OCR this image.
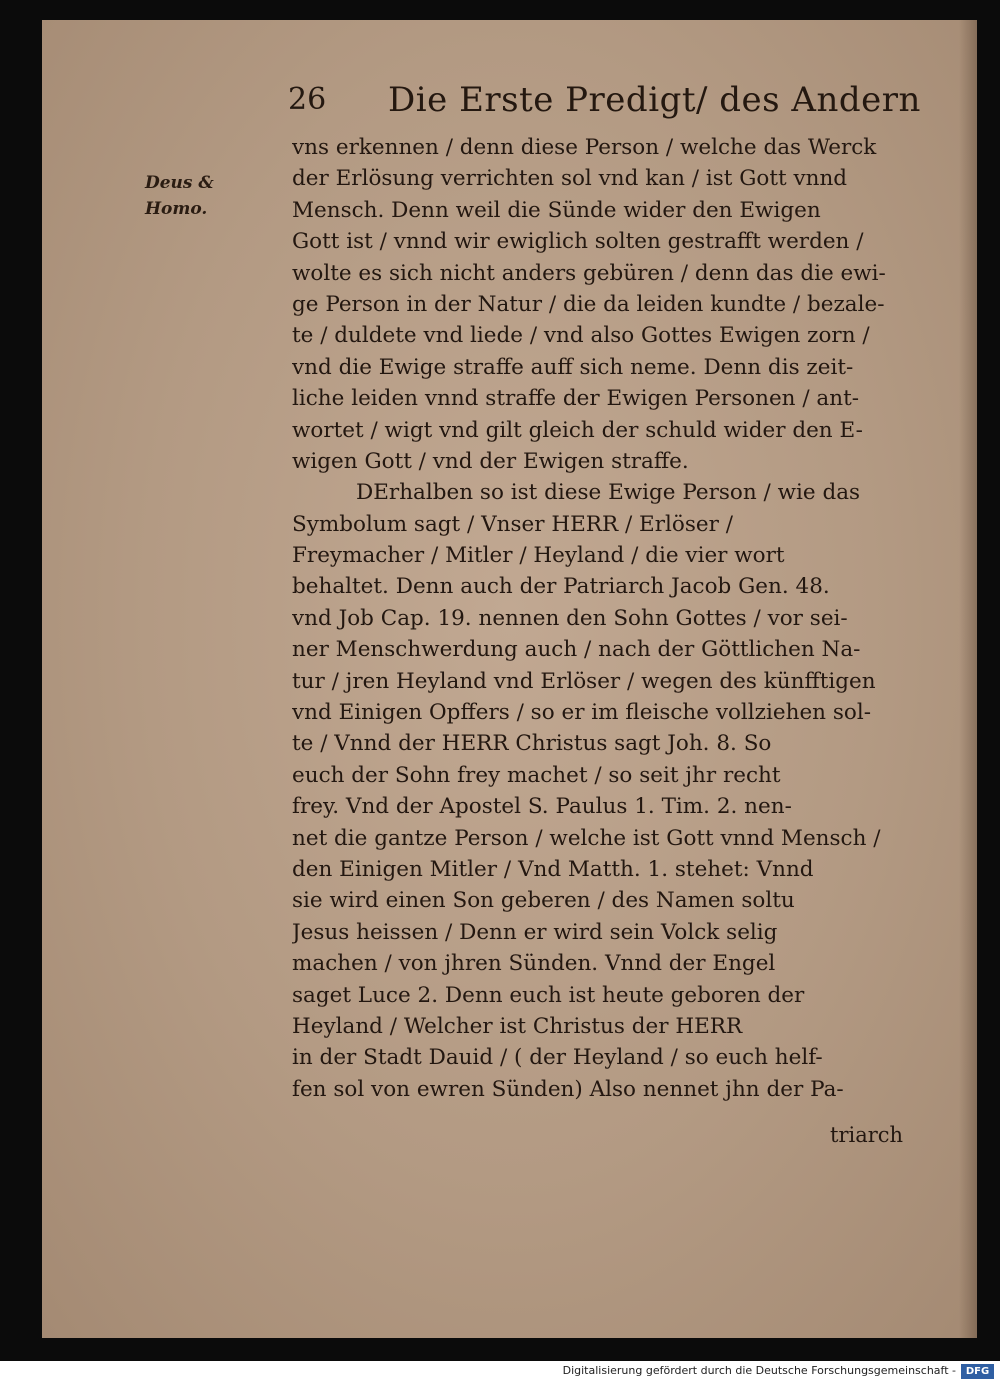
26 Die Erste Predigt/ des Andern
Deus &
Homo.
vns erkennen / denn diese Person / welche das Werck
der Erlösung verrichten sol vnd kan / ist Gott vnnd
Mensch. Denn weil die Sünde wider den Ewigen
Gott ist / vnnd wir ewiglich solten gestrafft werden /
wolte es sich nicht anders gebüren / denn das die ewi-
ge Person in der Natur / die da leiden kundte / bezale-
te / duldete vnd liede / vnd also Gottes Ewigen zorn /
vnd die Ewige straffe auff sich neme. Denn dis zeit-
liche leiden vnnd straffe der Ewigen Personen / ant-
wortet / wigt vnd gilt gleich der schuld wider den E-
wigen Gott / vnd der Ewigen straffe.
DErhalben so ist diese Ewige Person / wie das
Symbolum sagt / Vnser HERR / Erlöser /
Freymacher / Mitler / Heyland / die vier wort
behaltet. Denn auch der Patriarch Jacob Gen. 48.
vnd Job Cap. 19. nennen den Sohn Gottes / vor sei-
ner Menschwerdung auch / nach der Göttlichen Na-
tur / jren Heyland vnd Erlöser / wegen des künfftigen
vnd Einigen Opffers / so er im fleische vollziehen sol-
te / Vnnd der HERR Christus sagt Joh. 8. So
euch der Sohn frey machet / so seit jhr recht
frey. Vnd der Apostel S. Paulus 1. Tim. 2. nen-
net die gantze Person / welche ist Gott vnnd Mensch /
den Einigen Mitler / Vnd Matth. 1. stehet: Vnnd
sie wird einen Son geberen / des Namen soltu
Jesus heissen / Denn er wird sein Volck selig
machen / von jhren Sünden. Vnnd der Engel
saget Luce 2. Denn euch ist heute geboren der
Heyland / Welcher ist Christus der HERR
in der Stadt Dauid / ( der Heyland / so euch helf-
fen sol von ewren Sünden) Also nennet jhn der Pa-
triarch
Digitalisierung gefördert durch die Deutsche Forschungsgemeinschaft - DFG
